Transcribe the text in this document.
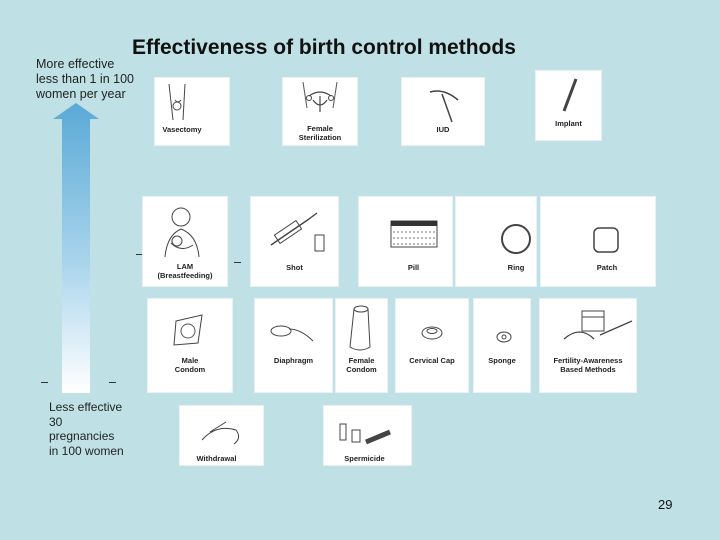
Effectiveness of birth control methods
More effective
less than 1 in 100
women per year
Less effective
30
pregnancies
in 100 women
Vasectomy	Female
Sterilization
IUD
Implant
LAM
(Breastfeeding)
Shot	Pill	Ring	Patch
Male
Condom
Diaphragm	Female
Condom
Cervical Cap	Sponge	Fertility-Awareness
Based Methods
Withdrawal	Spermicide
29
